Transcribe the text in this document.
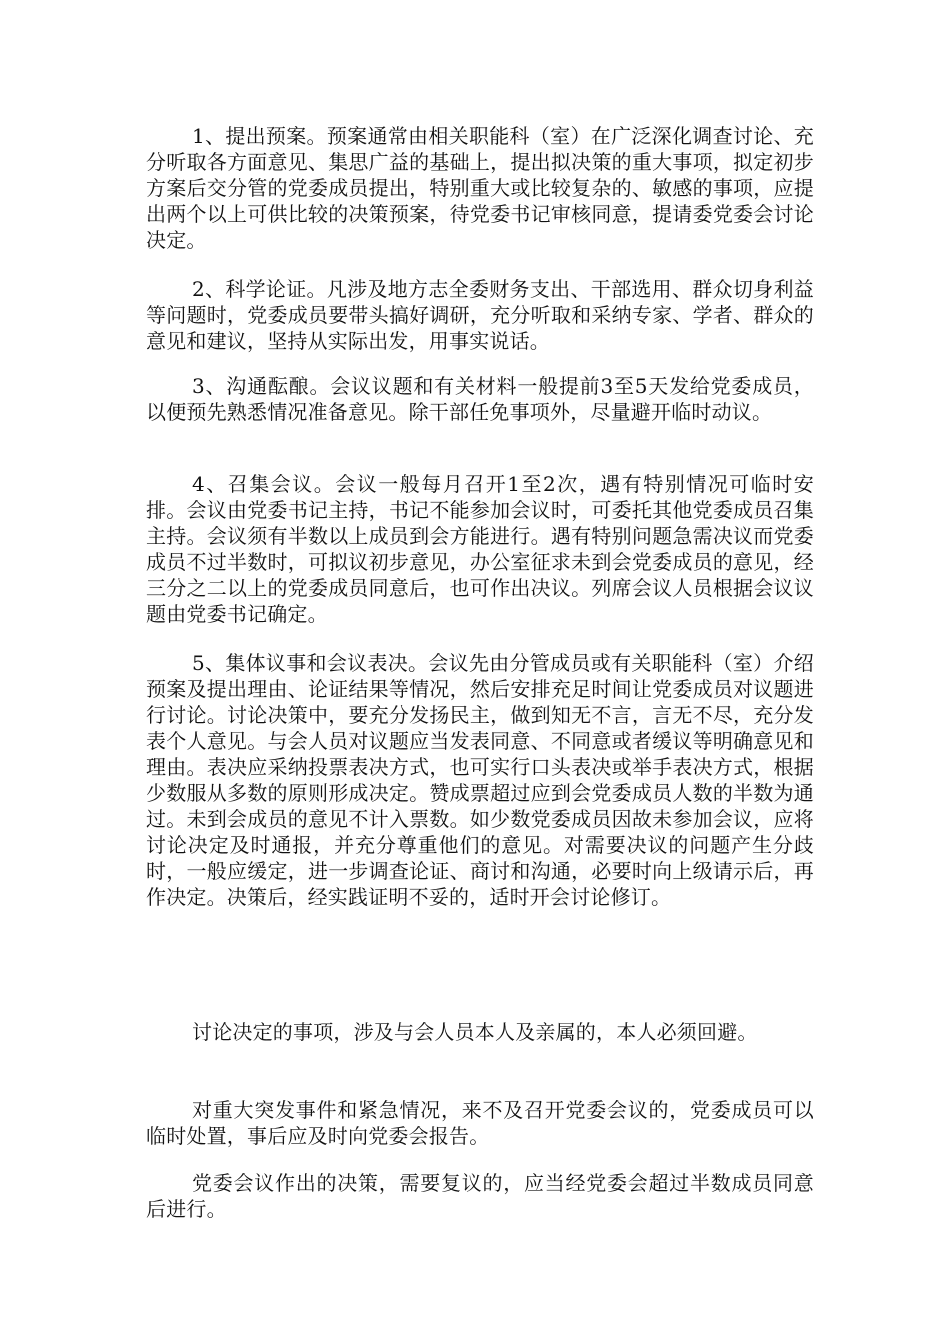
1、提出预案。预案通常由相关职能科（室）在广泛深化调查讨论、充分听取各方面意见、集思广益的基础上，提出拟决策的重大事项，拟定初步方案后交分管的党委成员提出，特别重大或比较复杂的、敏感的事项，应提出两个以上可供比较的决策预案，待党委书记审核同意，提请委党委会讨论决定。

2、科学论证。凡涉及地方志全委财务支出、干部选用、群众切身利益等问题时，党委成员要带头搞好调研，充分听取和采纳专家、学者、群众的意见和建议，坚持从实际出发，用事实说话。

3、沟通酝酿。会议议题和有关材料一般提前3至5天发给党委成员，以便预先熟悉情况准备意见。除干部任免事项外，尽量避开临时动议。

4、召集会议。会议一般每月召开1至2次，遇有特别情况可临时安排。会议由党委书记主持，书记不能参加会议时，可委托其他党委成员召集主持。会议须有半数以上成员到会方能进行。遇有特别问题急需决议而党委成员不过半数时，可拟议初步意见，办公室征求未到会党委成员的意见，经三分之二以上的党委成员同意后，也可作出决议。列席会议人员根据会议议题由党委书记确定。

5、集体议事和会议表决。会议先由分管成员或有关职能科（室）介绍预案及提出理由、论证结果等情况，然后安排充足时间让党委成员对议题进行讨论。讨论决策中，要充分发扬民主，做到知无不言，言无不尽，充分发表个人意见。与会人员对议题应当发表同意、不同意或者缓议等明确意见和理由。表决应采纳投票表决方式，也可实行口头表决或举手表决方式，根据少数服从多数的原则形成决定。赞成票超过应到会党委成员人数的半数为通过。未到会成员的意见不计入票数。如少数党委成员因故未参加会议，应将讨论决定及时通报，并充分尊重他们的意见。对需要决议的问题产生分歧时，一般应缓定，进一步调查论证、商讨和沟通，必要时向上级请示后，再作决定。决策后，经实践证明不妥的，适时开会讨论修订。

讨论决定的事项，涉及与会人员本人及亲属的，本人必须回避。

对重大突发事件和紧急情况，来不及召开党委会议的，党委成员可以临时处置，事后应及时向党委会报告。

党委会议作出的决策，需要复议的，应当经党委会超过半数成员同意后进行。
